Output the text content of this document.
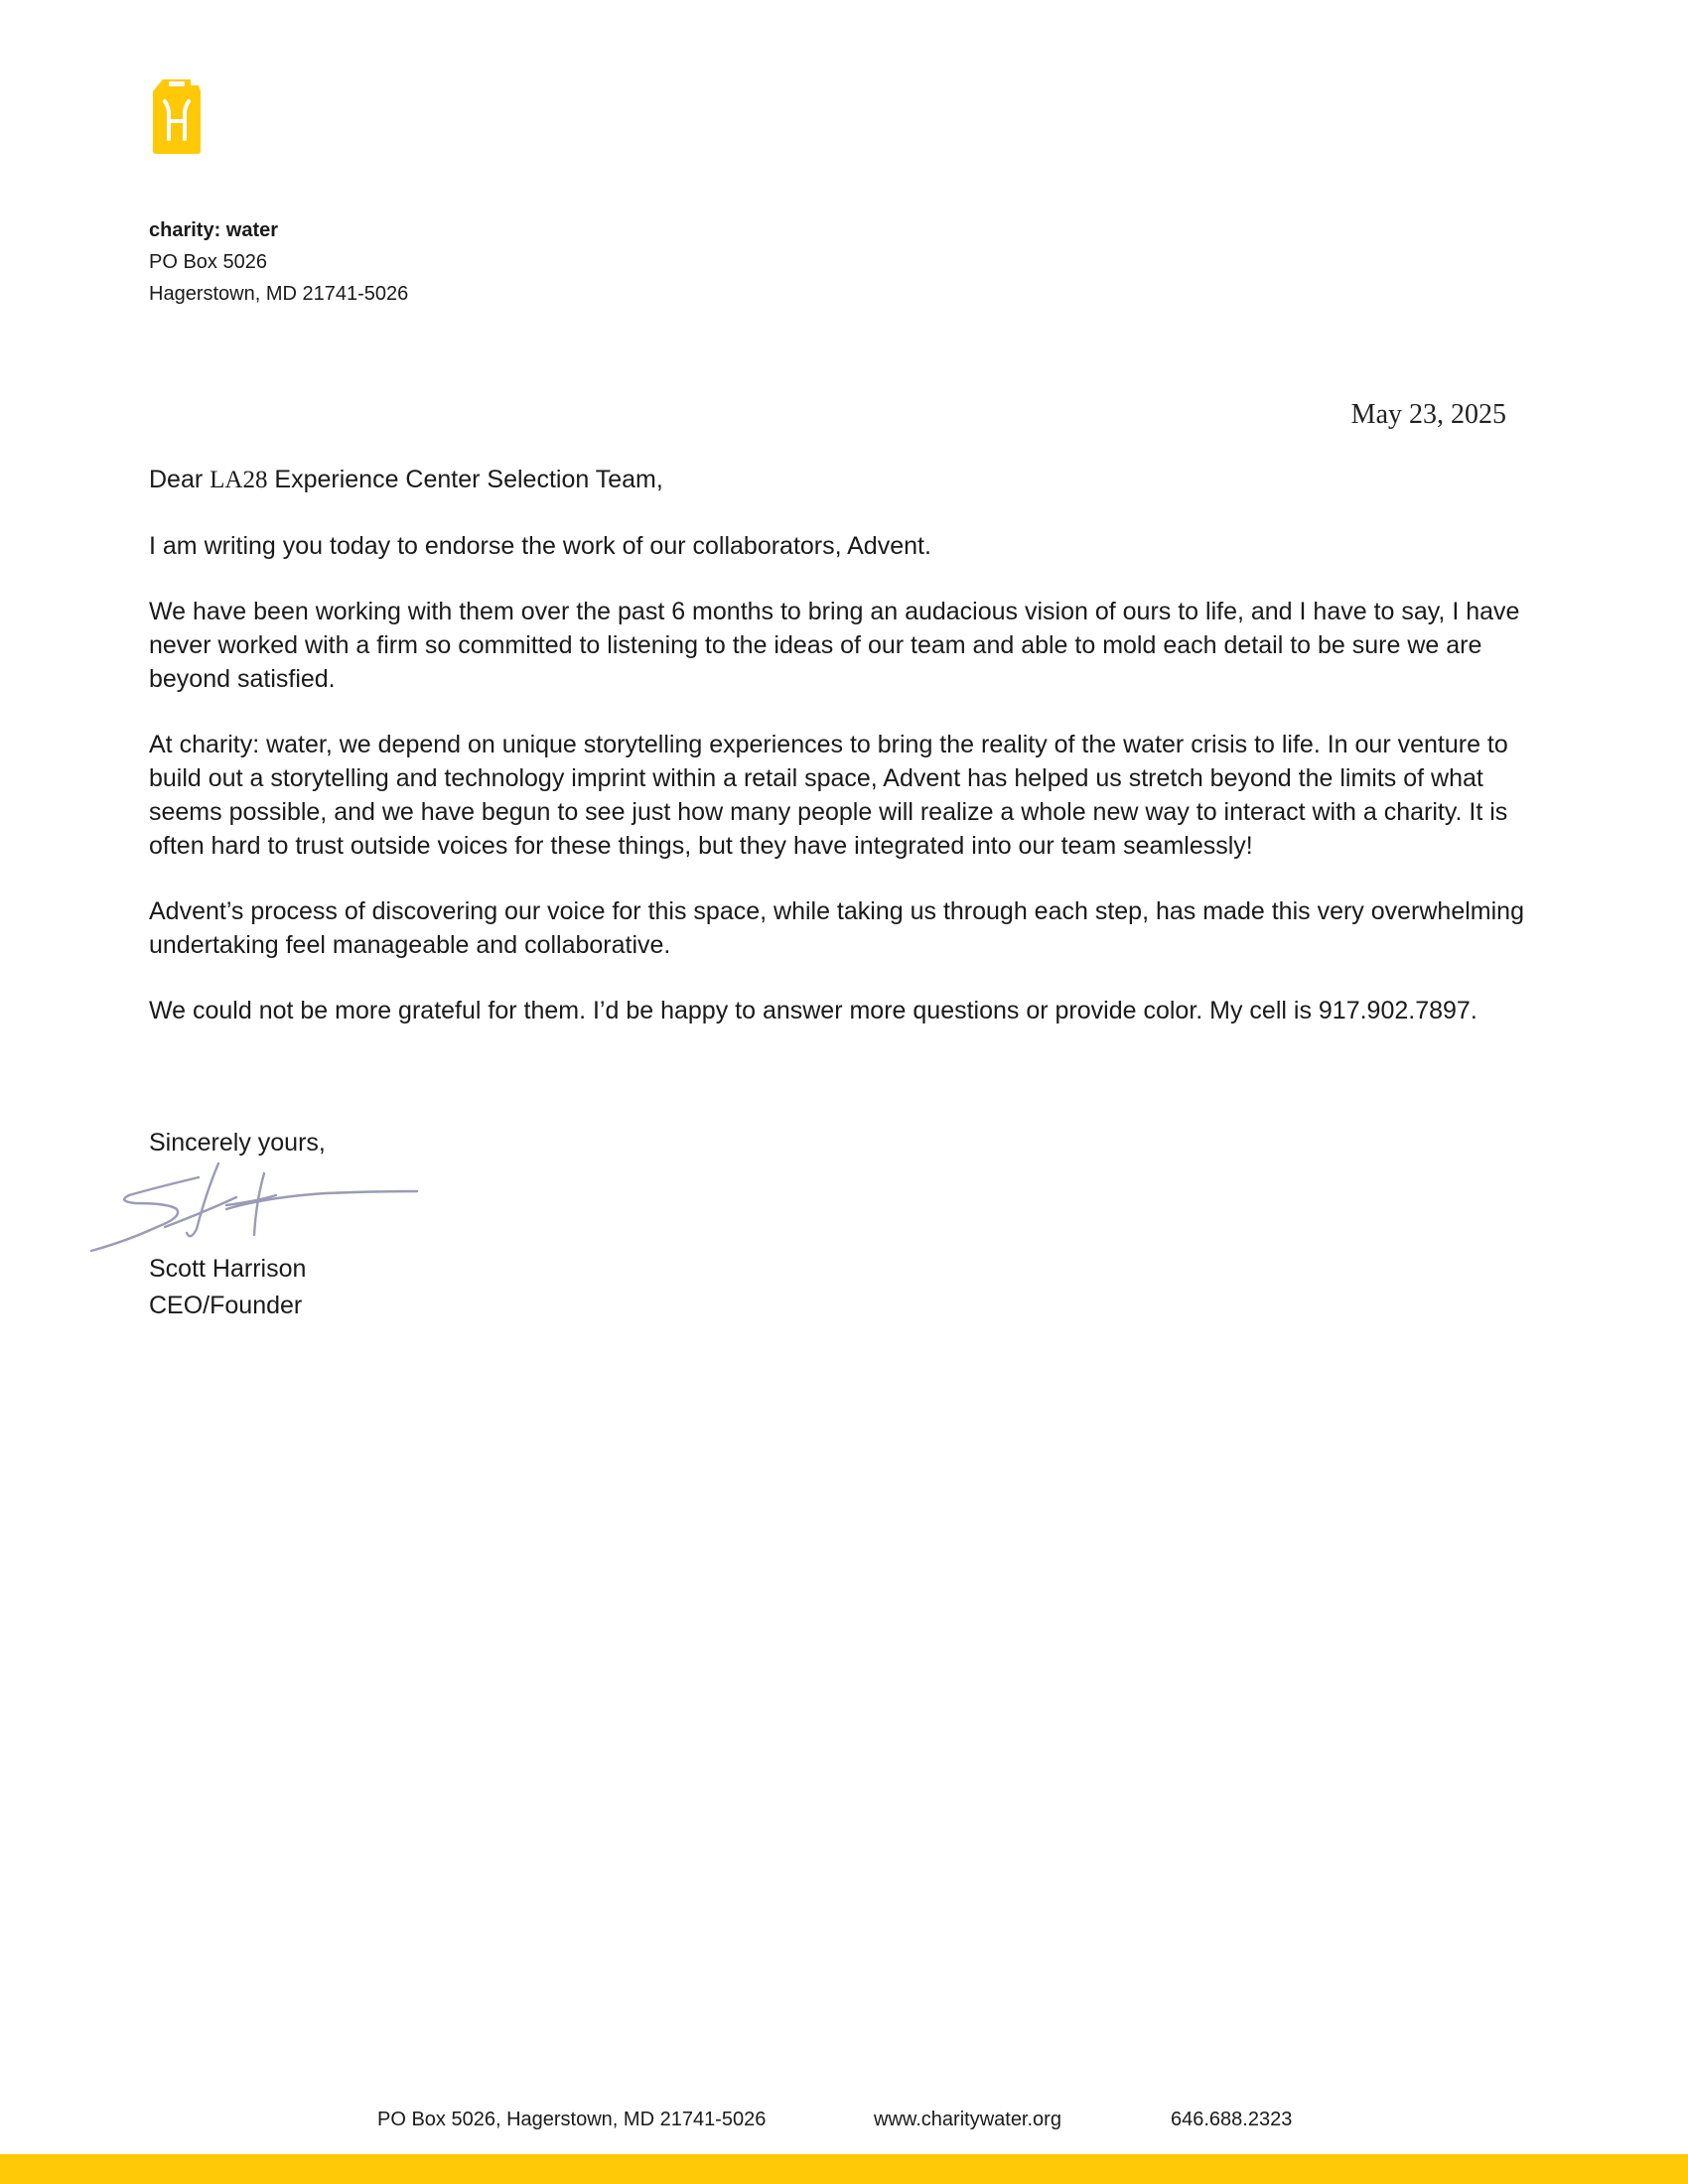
charity: water
PO Box 5026
Hagerstown, MD 21741-5026
May 23, 2025

Dear LA28 Experience Center Selection Team,

I am writing you today to endorse the work of our collaborators, Advent.

We have been working with them over the past 6 months to bring an audacious vision of ours to life, and I have to say, I have never worked with a firm so committed to listening to the ideas of our team and able to mold each detail to be sure we are beyond satisfied.

At charity: water, we depend on unique storytelling experiences to bring the reality of the water crisis to life. In our venture to build out a storytelling and technology imprint within a retail space, Advent has helped us stretch beyond the limits of what seems possible, and we have begun to see just how many people will realize a whole new way to interact with a charity. It is often hard to trust outside voices for these things, but they have integrated into our team seamlessly!

Advent’s process of discovering our voice for this space, while taking us through each step, has made this very overwhelming undertaking feel manageable and collaborative.

We could not be more grateful for them. I’d be happy to answer more questions or provide color. My cell is 917.902.7897.

Sincerely yours,
Scott Harrison
CEO/Founder
PO Box 5026, Hagerstown, MD 21741-5026	www.charitywater.org	646.688.2323
